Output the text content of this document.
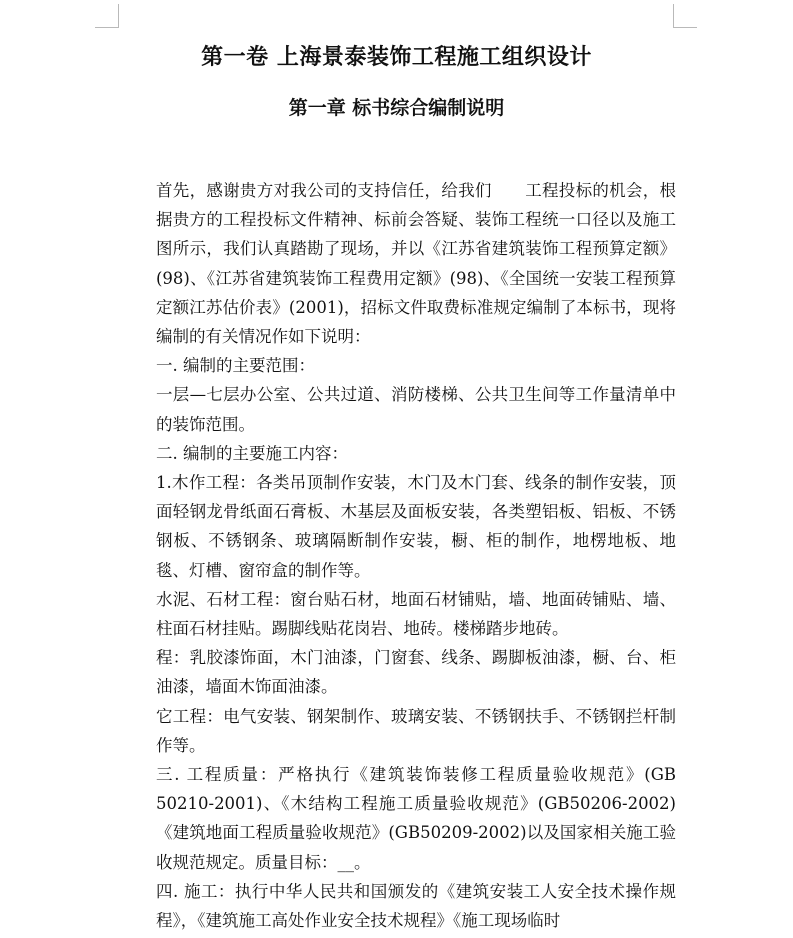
第一卷 上海景泰装饰工程施工组织设计
第一章 标书综合编制说明

首先，感谢贵方对我公司的支持信任，给我们　　工程投标的机会，根据贵方的工程投标文件精神、标前会答疑、装饰工程统一口径以及施工图所示，我们认真踏勘了现场，并以《江苏省建筑装饰工程预算定额》(98)、《江苏省建筑装饰工程费用定额》(98)、《全国统一安装工程预算定额江苏估价表》(2001)，招标文件取费标准规定编制了本标书，现将编制的有关情况作如下说明：

一. 编制的主要范围：

一层—七层办公室、公共过道、消防楼梯、公共卫生间等工作量清单中的装饰范围。

二. 编制的主要施工内容：

1.木作工程：各类吊顶制作安装，木门及木门套、线条的制作安装，顶面轻钢龙骨纸面石膏板、木基层及面板安装，各类塑铝板、铝板、不锈钢板、不锈钢条、玻璃隔断制作安装，橱、柜的制作，地楞地板、地毯、灯槽、窗帘盒的制作等。

水泥、石材工程：窗台贴石材，地面石材铺贴，墙、地面砖铺贴、墙、柱面石材挂贴。踢脚线贴花岗岩、地砖。楼梯踏步地砖。

程：乳胶漆饰面，木门油漆，门窗套、线条、踢脚板油漆，橱、台、柜油漆，墙面木饰面油漆。

它工程：电气安装、钢架制作、玻璃安装、不锈钢扶手、不锈钢拦杆制作等。

三. 工程质量：严格执行《建筑装饰装修工程质量验收规范》(GB 50210-2001)、《木结构工程施工质量验收规范》(GB50206-2002)《建筑地面工程质量验收规范》(GB50209-2002)以及国家相关施工验收规范规定。质量目标：__。

四. 施工：执行中华人民共和国颁发的《建筑安装工人安全技术操作规程》，《建筑施工高处作业安全技术规程》《施工现场临时
